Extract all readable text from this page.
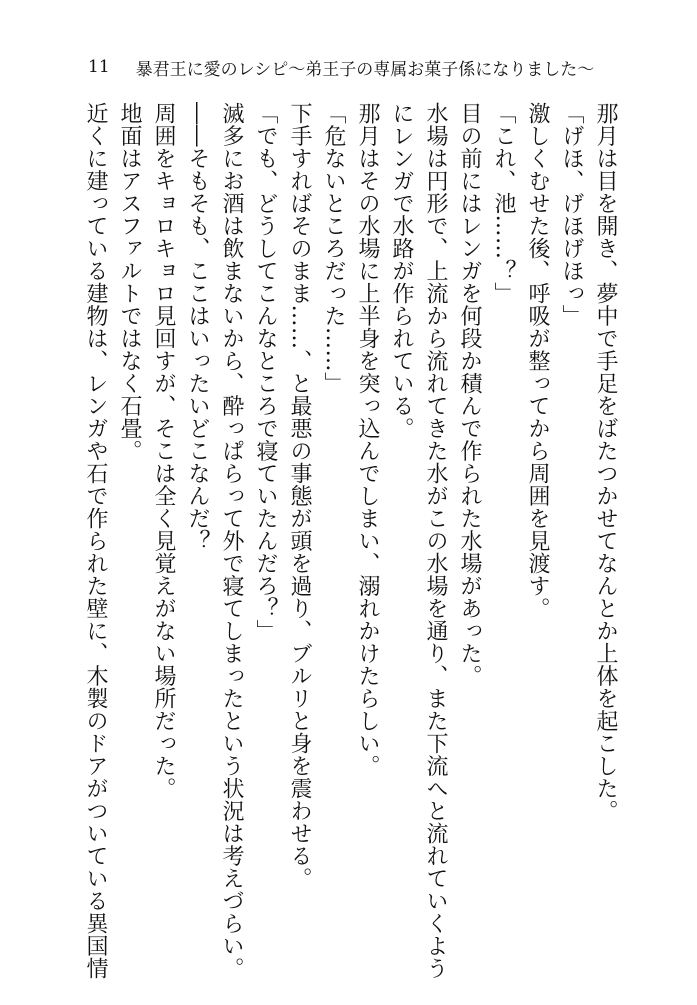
11 暴君王に愛のレシピ〜弟王子の専属お菓子係になりました〜

那月は目を開き、夢中で手足をばたつかせてなんとか上体を起こした。

「げほ、げほげほっ」

激しくむせた後、呼吸が整ってから周囲を見渡す。

「これ、池……？」

目の前にはレンガを何段か積んで作られた水場があった。

水場は円形で、上流から流れてきた水がこの水場を通り、また下流へと流れていくようにレンガで水路が作られている。

那月はその水場に上半身を突っ込んでしまい、溺れかけたらしい。

「危ないところだった……」

下手すればそのまま……、と最悪の事態が頭を過り、ブルリと身を震わせる。

「でも、どうしてこんなところで寝ていたんだろ？」

滅多にお酒は飲まないから、酔っぱらって外で寝てしまったという状況は考えづらい。

――そもそも、ここはいったいどこなんだ？

周囲をキョロキョロ見回すが、そこは全く見覚えがない場所だった。

地面はアスファルトではなく石畳。

近くに建っている建物は、レンガや石で作られた壁に、木製のドアがついている異国情
